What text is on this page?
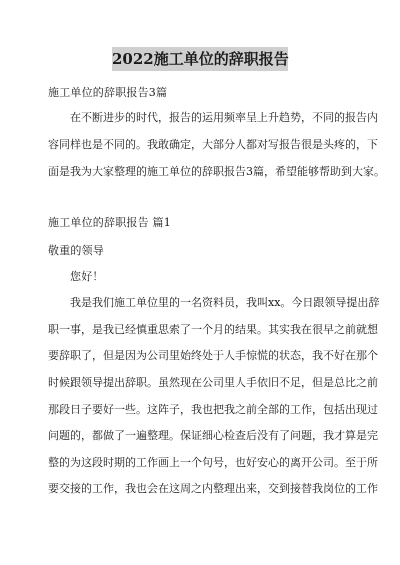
2022施工单位的辞职报告
施工单位的辞职报告3篇
在不断进步的时代，报告的运用频率呈上升趋势，不同的报告内
容同样也是不同的。我敢确定，大部分人都对写报告很是头疼的，下
面是我为大家整理的施工单位的辞职报告3篇，希望能够帮助到大家。
施工单位的辞职报告 篇1
敬重的领导
您好！
我是我们施工单位里的一名资料员，我叫xx。今日跟领导提出辞
职一事，是我已经慎重思索了一个月的结果。其实我在很早之前就想
要辞职了，但是因为公司里始终处于人手惊慌的状态，我不好在那个
时候跟领导提出辞职。虽然现在公司里人手依旧不足，但是总比之前
那段日子要好一些。这阵子，我也把我之前全部的工作，包括出现过
问题的，都做了一遍整理。保证细心检查后没有了问题，我才算是完
整的为这段时期的工作画上一个句号，也好安心的离开公司。至于所
要交接的工作，我也会在这周之内整理出来，交到接替我岗位的工作
